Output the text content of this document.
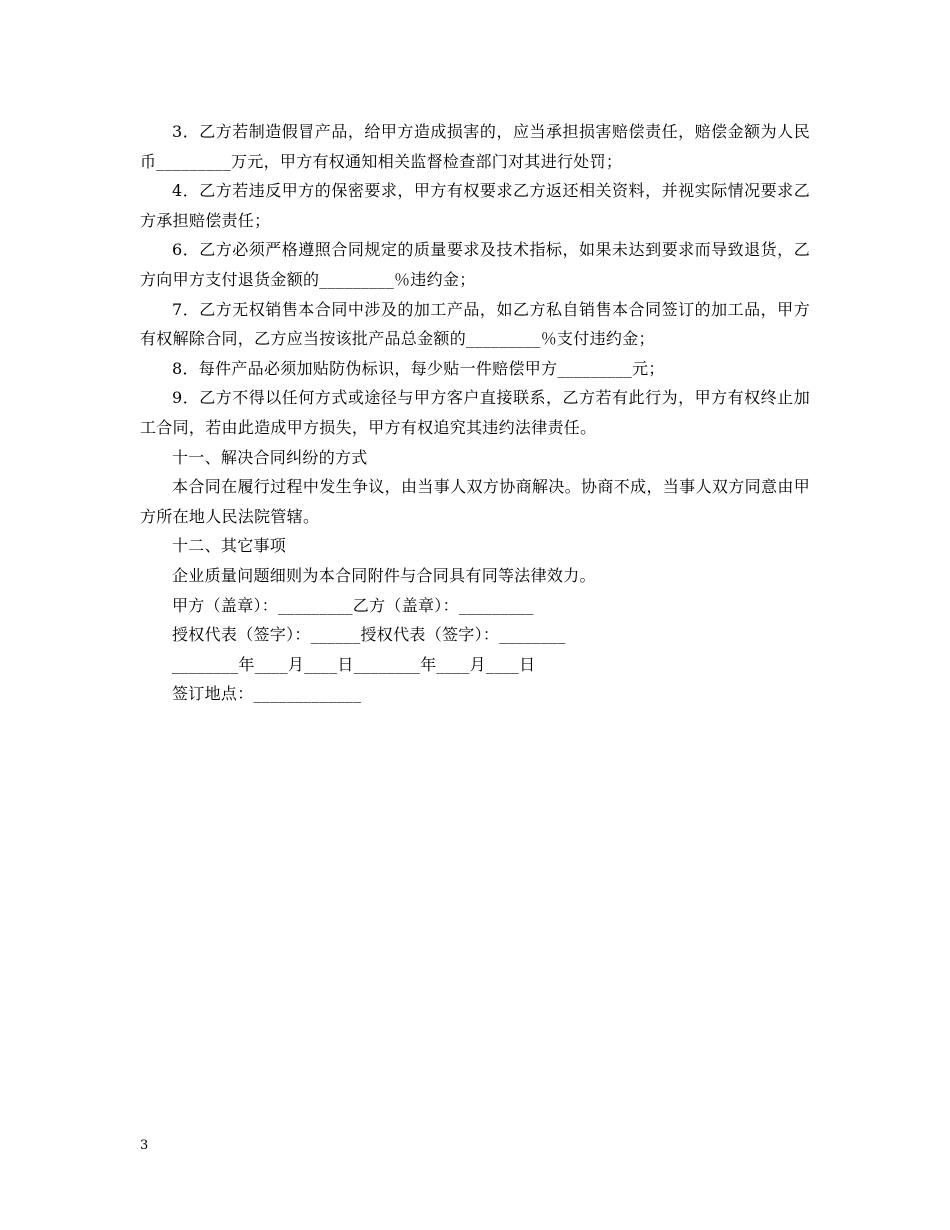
3．乙方若制造假冒产品，给甲方造成损害的，应当承担损害赔偿责任，赔偿金额为人民币_________万元，甲方有权通知相关监督检查部门对其进行处罚；

4．乙方若违反甲方的保密要求，甲方有权要求乙方返还相关资料，并视实际情况要求乙方承担赔偿责任；

6．乙方必须严格遵照合同规定的质量要求及技术指标，如果未达到要求而导致退货，乙方向甲方支付退货金额的_________％违约金；

7．乙方无权销售本合同中涉及的加工产品，如乙方私自销售本合同签订的加工品，甲方有权解除合同，乙方应当按该批产品总金额的_________％支付违约金；

8．每件产品必须加贴防伪标识，每少贴一件赔偿甲方_________元；

9．乙方不得以任何方式或途径与甲方客户直接联系，乙方若有此行为，甲方有权终止加工合同，若由此造成甲方损失，甲方有权追究其违约法律责任。

十一、解决合同纠纷的方式

本合同在履行过程中发生争议，由当事人双方协商解决。协商不成，当事人双方同意由甲方所在地人民法院管辖。

十二、其它事项

企业质量问题细则为本合同附件与合同具有同等法律效力。

甲方（盖章）：_________乙方（盖章）：_________

授权代表（签字）：______授权代表（签字）：________

________年____月____日________年____月____日

签订地点：_____________

3
